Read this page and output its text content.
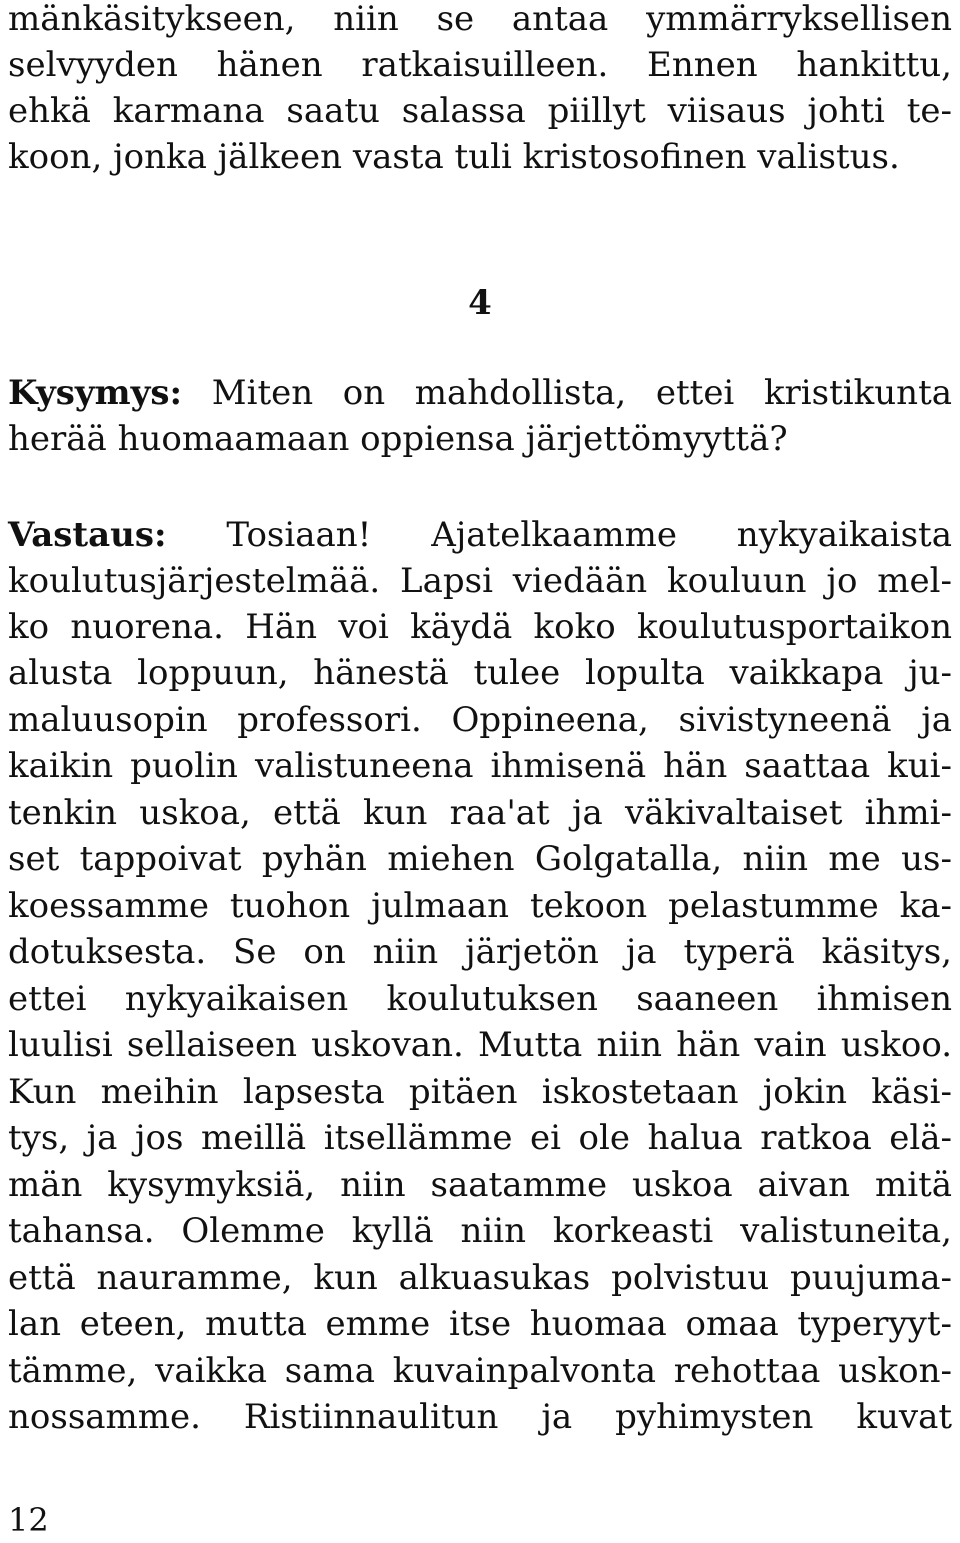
mänkäsitykseen, niin se antaa ymmärryksellisen
selvyyden hänen ratkaisuilleen. Ennen hankittu,
ehkä karmana saatu salassa piillyt viisaus johti te-
koon, jonka jälkeen vasta tuli kristosofinen valistus.
4
Kysymys: Miten on mahdollista, ettei kristikunta
herää huomaamaan oppiensa järjettömyyttä?
Vastaus: Tosiaan! Ajatelkaamme nykyaikaista
koulutusjärjestelmää. Lapsi viedään kouluun jo mel-
ko nuorena. Hän voi käydä koko koulutusportaikon
alusta loppuun, hänestä tulee lopulta vaikkapa ju-
maluusopin professori. Oppineena, sivistyneenä ja
kaikin puolin valistuneena ihmisenä hän saattaa kui-
tenkin uskoa, että kun raa'at ja väkivaltaiset ihmi-
set tappoivat pyhän miehen Golgatalla, niin me us-
koessamme tuohon julmaan tekoon pelastumme ka-
dotuksesta. Se on niin järjetön ja typerä käsitys,
ettei nykyaikaisen koulutuksen saaneen ihmisen
luulisi sellaiseen uskovan. Mutta niin hän vain uskoo.
Kun meihin lapsesta pitäen iskostetaan jokin käsi-
tys, ja jos meillä itsellämme ei ole halua ratkoa elä-
män kysymyksiä, niin saatamme uskoa aivan mitä
tahansa. Olemme kyllä niin korkeasti valistuneita,
että nauramme, kun alkuasukas polvistuu puujuma-
lan eteen, mutta emme itse huomaa omaa typeryyt-
tämme, vaikka sama kuvainpalvonta rehottaa uskon-
nossamme. Ristiinnaulitun ja pyhimysten kuvat
12
